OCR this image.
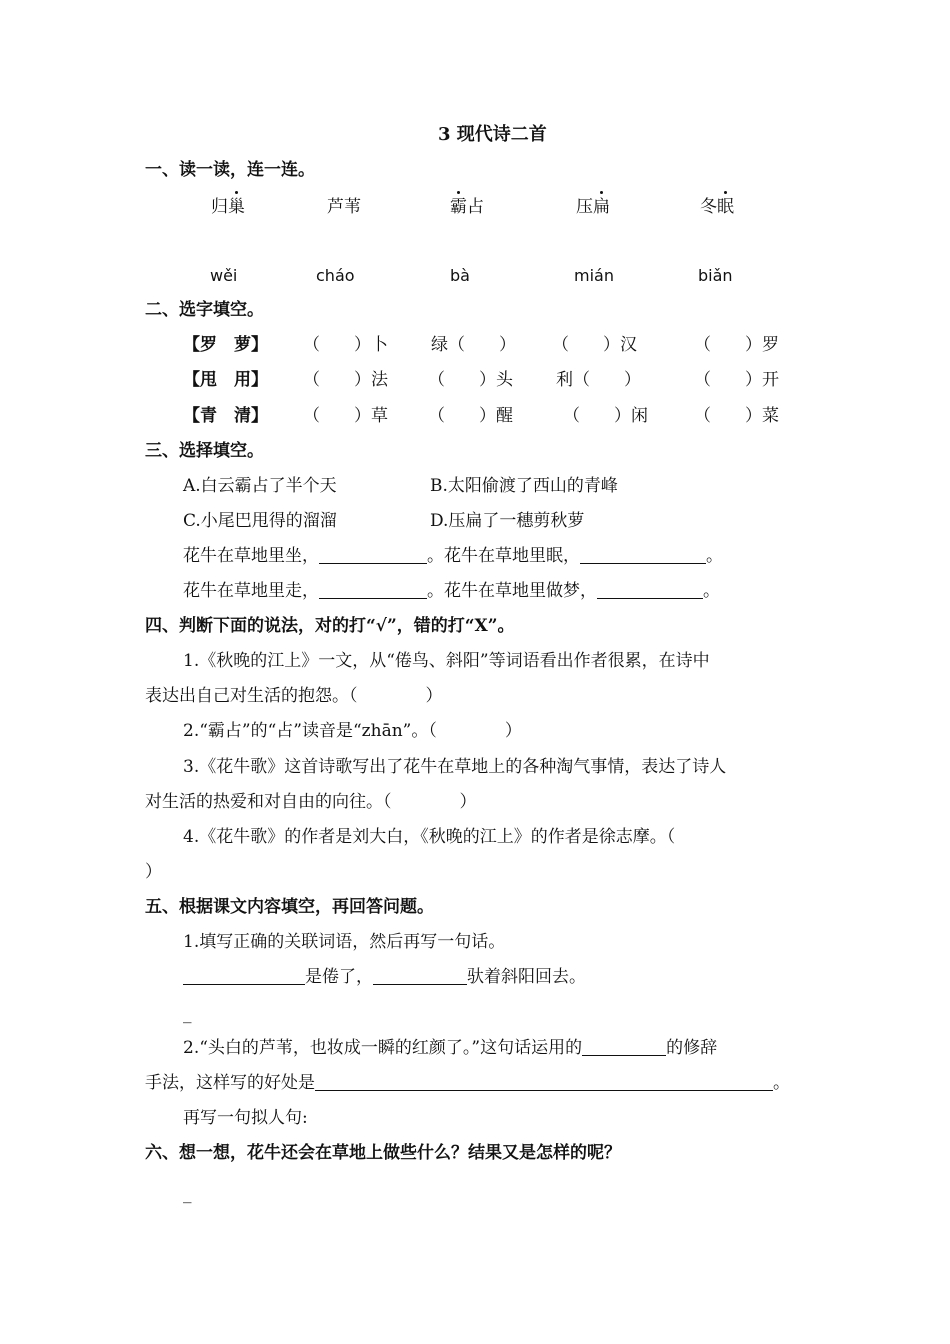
3 现代诗二首
一、读一读，连一连。
归巢	芦苇	霸占	压扁	冬眠
wěi	cháo	bà	mián	biǎn
二、选字填空。
【罗　萝】 （　　）卜	绿（　　） （　　）汉	（　　）罗
【甩　用】 （　　）法 （　　）头	利（　　）	（　　）开
【青　清】 （　　）草 （　　）醒	（　　）闲	（　　）菜
三、选择填空。
A.白云霸占了半个天	B.太阳偷渡了西山的青峰
C.小尾巴甩得的溜溜	D.压扁了一穗剪秋萝
花牛在草地里坐，	。花牛在草地里眠，	。
花牛在草地里走，	。花牛在草地里做梦，	。
四、判断下面的说法，对的打“√”，错的打“X”。
1.《秋晚的江上》一文，从“倦鸟、斜阳”等词语看出作者很累，在诗中
表达出自己对生活的抱怨。（　　　　）
2.“霸占”的“占”读音是“zhān”。（　　　　）
3.《花牛歌》这首诗歌写出了花牛在草地上的各种淘气事情，表达了诗人
对生活的热爱和对自由的向往。（　　　　）
4.《花牛歌》的作者是刘大白，《秋晚的江上》的作者是徐志摩。（
）
五、根据课文内容填空，再回答问题。
1.填写正确的关联词语，然后再写一句话。
是倦了，	驮着斜阳回去。
_
2.“头白的芦苇，也妆成一瞬的红颜了。”这句话运用的	的修辞
手法，这样写的好处是	。
再写一句拟人句:
六、想一想，花牛还会在草地上做些什么？结果又是怎样的呢？
_
